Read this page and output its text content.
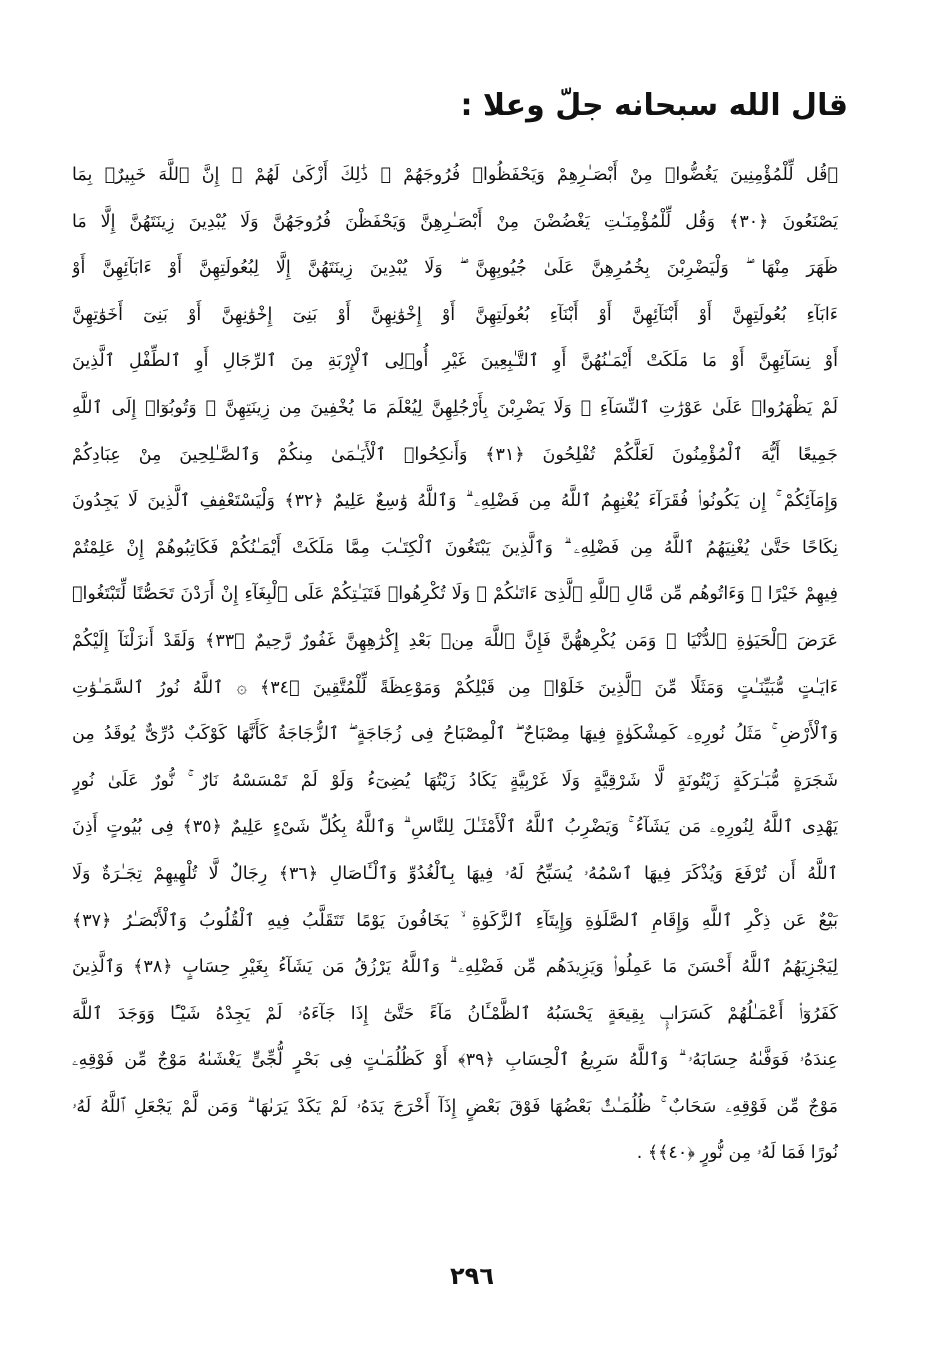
قال الله سبحانه جلّ وعلا :
﴿قُل لِّلْمُؤْمِنِينَ يَغُضُّوا۟ مِنْ أَبْصَـٰرِهِمْ وَيَحْفَظُوا۟ فُرُوجَهُمْ ۚ ذَٰلِكَ أَزْكَىٰ لَهُمْ ۗ إِنَّ ٱللَّهَ خَبِيرٌۢ بِمَا
يَصْنَعُونَ ﴿٣٠﴾ وَقُل لِّلْمُؤْمِنَـٰتِ يَغْضُضْنَ مِنْ أَبْصَـٰرِهِنَّ وَيَحْفَظْنَ فُرُوجَهُنَّ وَلَا يُبْدِينَ زِينَتَهُنَّ إِلَّا مَا
ظَهَرَ مِنْهَا ۖ وَلْيَضْرِبْنَ بِخُمُرِهِنَّ عَلَىٰ جُيُوبِهِنَّ ۖ وَلَا يُبْدِينَ زِينَتَهُنَّ إِلَّا لِبُعُولَتِهِنَّ أَوْ ءَابَآئِهِنَّ أَوْ
ءَابَآءِ بُعُولَتِهِنَّ أَوْ أَبْنَآئِهِنَّ أَوْ أَبْنَآءِ بُعُولَتِهِنَّ أَوْ إِخْوَٰنِهِنَّ أَوْ بَنِىٓ إِخْوَٰنِهِنَّ أَوْ بَنِىٓ أَخَوَٰتِهِنَّ
أَوْ نِسَآئِهِنَّ أَوْ مَا مَلَكَتْ أَيْمَـٰنُهُنَّ أَوِ ٱلتَّـٰبِعِينَ غَيْرِ أُو۟لِى ٱلْإِرْبَةِ مِنَ ٱلرِّجَالِ أَوِ ٱلطِّفْلِ ٱلَّذِينَ
لَمْ يَظْهَرُوا۟ عَلَىٰ عَوْرَٰتِ ٱلنِّسَآءِ ۖ وَلَا يَضْرِبْنَ بِأَرْجُلِهِنَّ لِيُعْلَمَ مَا يُخْفِينَ مِن زِينَتِهِنَّ ۚ وَتُوبُوٓا۟ إِلَى ٱللَّهِ
جَمِيعًا أَيُّهَ ٱلْمُؤْمِنُونَ لَعَلَّكُمْ تُفْلِحُونَ ﴿٣١﴾ وَأَنكِحُوا۟ ٱلْأَيَـٰمَىٰ مِنكُمْ وَٱلصَّـٰلِحِينَ مِنْ عِبَادِكُمْ
وَإِمَآئِكُمْ ۚ إِن يَكُونُوا۟ فُقَرَآءَ يُغْنِهِمُ ٱللَّهُ مِن فَضْلِهِۦ ۗ وَٱللَّهُ وَٰسِعٌ عَلِيمٌ ﴿٣٢﴾ وَلْيَسْتَعْفِفِ ٱلَّذِينَ لَا يَجِدُونَ
نِكَاحًا حَتَّىٰ يُغْنِيَهُمُ ٱللَّهُ مِن فَضْلِهِۦ ۗ وَٱلَّذِينَ يَبْتَغُونَ ٱلْكِتَـٰبَ مِمَّا مَلَكَتْ أَيْمَـٰنُكُمْ فَكَاتِبُوهُمْ إِنْ عَلِمْتُمْ
فِيهِمْ خَيْرًا ۖ وَءَاتُوهُم مِّن مَّالِ ٱللَّهِ ٱلَّذِىٓ ءَاتَىٰكُمْ ۚ وَلَا تُكْرِهُوا۟ فَتَيَـٰتِكُمْ عَلَى ٱلْبِغَآءِ إِنْ أَرَدْنَ تَحَصُّنًا لِّتَبْتَغُوا۟
عَرَضَ ٱلْحَيَوٰةِ ٱلدُّنْيَا ۚ وَمَن يُكْرِههُّنَّ فَإِنَّ ٱللَّهَ مِنۢ بَعْدِ إِكْرَٰهِهِنَّ غَفُورٌ رَّحِيمٌ ﴿٣٣﴾ وَلَقَدْ أَنزَلْنَآ إِلَيْكُمْ
ءَايَـٰتٍ مُّبَيِّنَـٰتٍ وَمَثَلًا مِّنَ ٱلَّذِينَ خَلَوْا۟ مِن قَبْلِكُمْ وَمَوْعِظَةً لِّلْمُتَّقِينَ ﴿٣٤﴾ ۞ ٱللَّهُ نُورُ ٱلسَّمَـٰوَٰتِ
وَٱلْأَرْضِ ۚ مَثَلُ نُورِهِۦ كَمِشْكَوٰةٍ فِيهَا مِصْبَاحٌ ۖ ٱلْمِصْبَاحُ فِى زُجَاجَةٍ ۖ ٱلزُّجَاجَةُ كَأَنَّهَا كَوْكَبٌ دُرِّىٌّ يُوقَدُ مِن
شَجَرَةٍ مُّبَـٰرَكَةٍ زَيْتُونَةٍ لَّا شَرْقِيَّةٍ وَلَا غَرْبِيَّةٍ يَكَادُ زَيْتُهَا يُضِىٓءُ وَلَوْ لَمْ تَمْسَسْهُ نَارٌ ۚ نُّورٌ عَلَىٰ نُورٍ
يَهْدِى ٱللَّهُ لِنُورِهِۦ مَن يَشَآءُ ۚ وَيَضْرِبُ ٱللَّهُ ٱلْأَمْثَـٰلَ لِلنَّاسِ ۗ وَٱللَّهُ بِكُلِّ شَىْءٍ عَلِيمٌ ﴿٣٥﴾ فِى بُيُوتٍ أَذِنَ
ٱللَّهُ أَن تُرْفَعَ وَيُذْكَرَ فِيهَا ٱسْمُهُۥ يُسَبِّحُ لَهُۥ فِيهَا بِٱلْغُدُوِّ وَٱلْـَٔاصَالِ ﴿٣٦﴾ رِجَالٌ لَّا تُلْهِيهِمْ تِجَـٰرَةٌ وَلَا
بَيْعٌ عَن ذِكْرِ ٱللَّهِ وَإِقَامِ ٱلصَّلَوٰةِ وَإِيتَآءِ ٱلزَّكَوٰةِ ۙ يَخَافُونَ يَوْمًا تَتَقَلَّبُ فِيهِ ٱلْقُلُوبُ وَٱلْأَبْصَـٰرُ ﴿٣٧﴾
لِيَجْزِيَهُمُ ٱللَّهُ أَحْسَنَ مَا عَمِلُوا۟ وَيَزِيدَهُم مِّن فَضْلِهِۦ ۗ وَٱللَّهُ يَرْزُقُ مَن يَشَآءُ بِغَيْرِ حِسَابٍ ﴿٣٨﴾ وَٱلَّذِينَ
كَفَرُوٓا۟ أَعْمَـٰلُهُمْ كَسَرَابٍۭ بِقِيعَةٍ يَحْسَبُهُ ٱلظَّمْـَٔانُ مَآءً حَتَّىٰٓ إِذَا جَآءَهُۥ لَمْ يَجِدْهُ شَيْـًٔا وَوَجَدَ ٱللَّهَ
عِندَهُۥ فَوَفَّىٰهُ حِسَابَهُۥ ۗ وَٱللَّهُ سَرِيعُ ٱلْحِسَابِ ﴿٣٩﴾ أَوْ كَظُلُمَـٰتٍ فِى بَحْرٍ لُّجِّىٍّ يَغْشَىٰهُ مَوْجٌ مِّن فَوْقِهِۦ
مَوْجٌ مِّن فَوْقِهِۦ سَحَابٌ ۚ ظُلُمَـٰتٌۢ بَعْضُهَا فَوْقَ بَعْضٍ إِذَآ أَخْرَجَ يَدَهُۥ لَمْ يَكَدْ يَرَىٰهَا ۗ وَمَن لَّمْ يَجْعَلِ ٱللَّهُ لَهُۥ
نُورًا فَمَا لَهُۥ مِن نُّورٍ ﴿٤٠﴾﴾ .
٢٩٦
